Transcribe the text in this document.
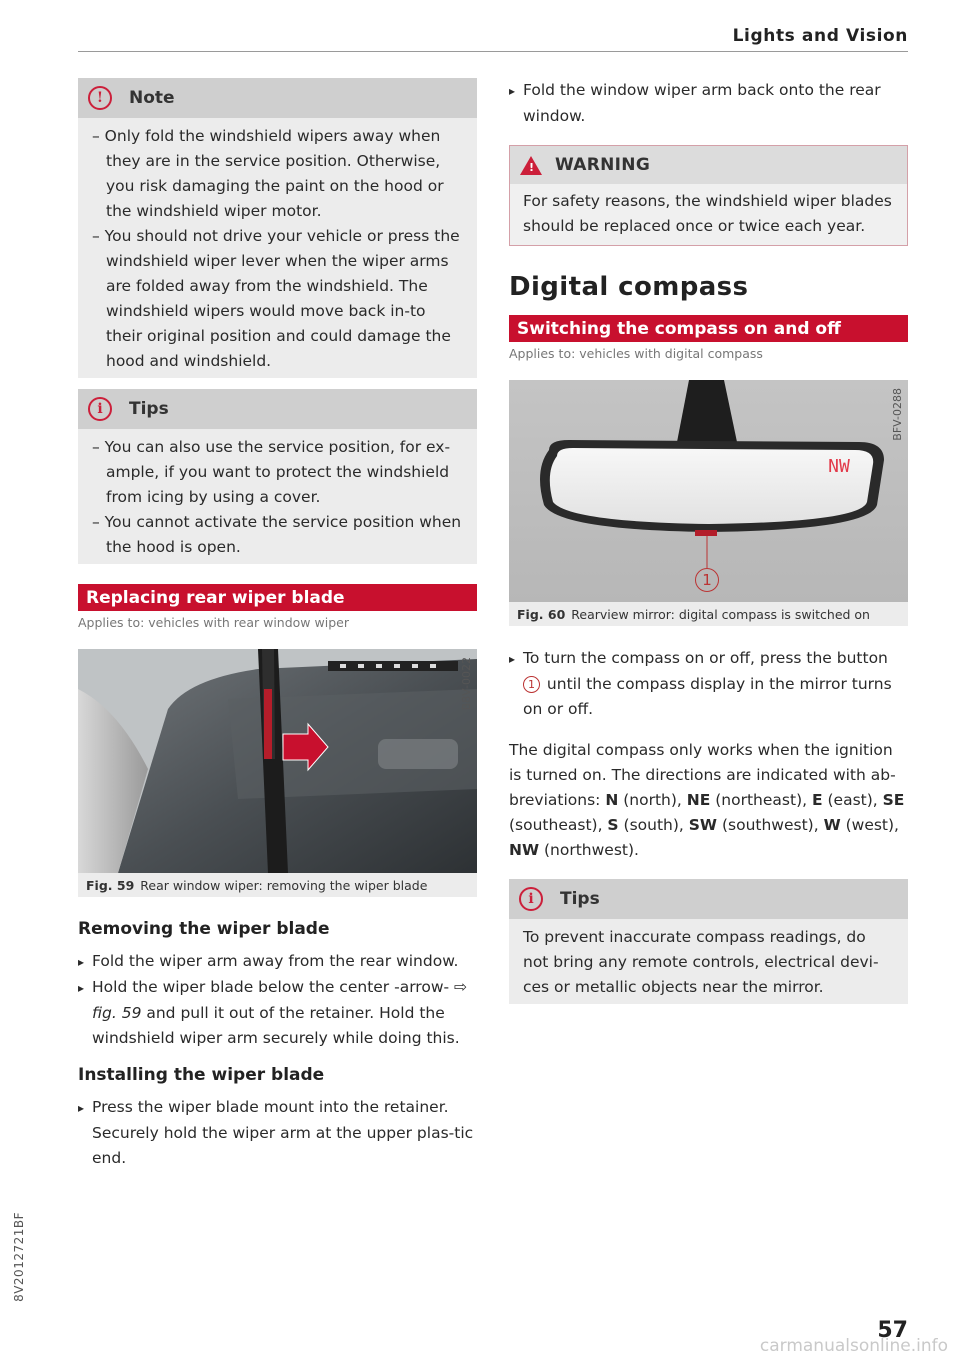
Lights and Vision
!	Note
– Only fold the windshield wipers away when they are in the service position. Otherwise, you risk damaging the paint on the hood or the windshield wiper motor.
– You should not drive your vehicle or press the windshield wiper lever when the wiper arms are folded away from the windshield. The windshield wipers would move back in-to their original position and could damage the hood and windshield.
i	Tips
– You can also use the service position, for ex-ample, if you want to protect the windshield from icing by using a cover.
– You cannot activate the service position when the hood is open.
Replacing rear wiper blade
Applies to: vehicles with rear window wiper
B8V-0022
Fig. 59 Rear window wiper: removing the wiper blade
Removing the wiper blade
▸ Fold the wiper arm away from the rear window.
▸ Hold the wiper blade below the center -arrow- ⇨ fig. 59 and pull it out of the retainer. Hold the windshield wiper arm securely while doing this.
Installing the wiper blade
▸ Press the wiper blade mount into the retainer. Securely hold the wiper arm at the upper plas-tic end.
▸ Fold the window wiper arm back onto the rear window.
!
WARNING
For safety reasons, the windshield wiper blades should be replaced once or twice each year.
Digital compass
Switching the compass on and off
Applies to: vehicles with digital compass
NW
1
BFV-0288
Fig. 60 Rearview mirror: digital compass is switched on
▸ To turn the compass on or off, press the button 1 until the compass display in the mirror turns on or off.
The digital compass only works when the ignition is turned on. The directions are indicated with ab-breviations: N (north), NE (northeast), E (east), SE (southeast), S (south), SW (southwest), W (west), NW (northwest).
i	Tips
To prevent inaccurate compass readings, do not bring any remote controls, electrical devi-ces or metallic objects near the mirror.
8V2012721BF
57
carmanualsonline.info
